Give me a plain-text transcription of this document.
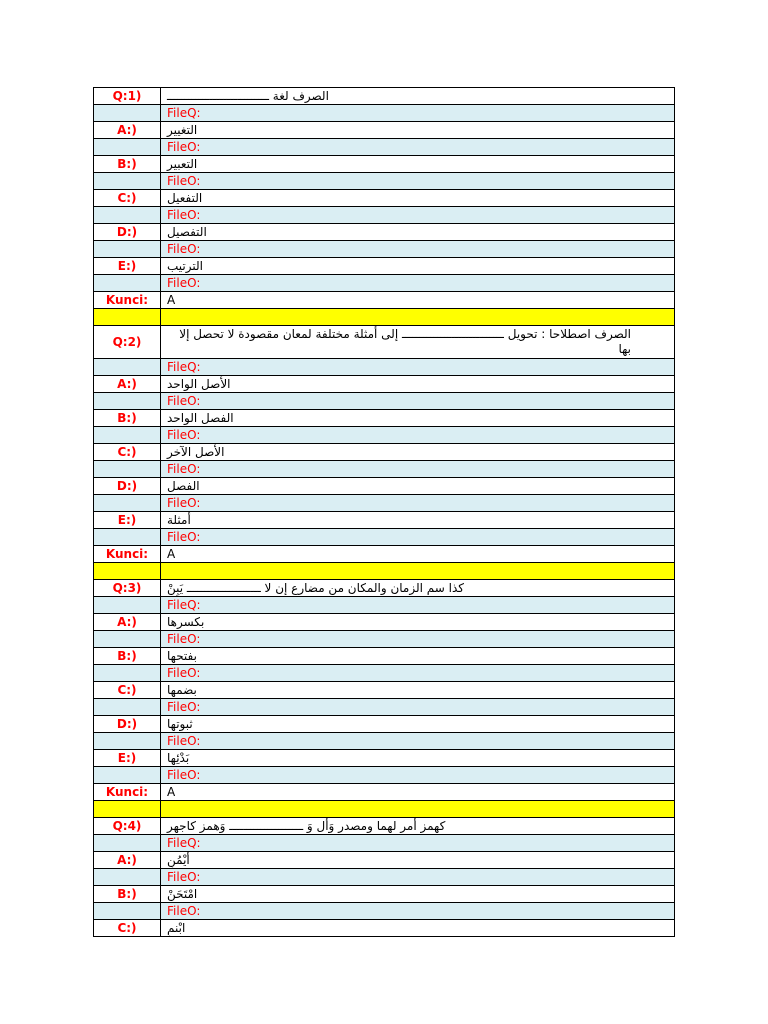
Q:1)	الصرف لغة ـــــــــــــــــــــــــــــ
	FileQ:
A:)	التغيير
	FileO:
B:)	التعبير
	FileO:
C:)	التفعيل
	FileO:
D:)	التفصيل
	FileO:
E:)	الترتيب
	FileO:
Kunci:	A

Q:2)	الصرف اصطلاحا : تحويل ـــــــــــــــــــــــــــــ إلى أمثلة مختلفة لمعان مقصودة لا تحصل إلا بها

	FileQ:
A:)	الأصل الواحد
	FileO:
B:)	الفصل الواحد
	FileO:
C:)	الأصل الآخر
	FileO:
D:)	الفصل
	FileO:
E:)	أمثلة
	FileO:
Kunci:	A

Q:3)	كذا سم الزمان والمكان من مضارع إن لا ـــــــــــــــــــــ يَبِنْ
	FileQ:
A:)	بكسرها
	FileO:
B:)	بفتحها
	FileO:
C:)	بضمها
	FileO:
D:)	ثبوتها
	FileO:
E:)	بَدْئِها
	FileO:
Kunci:	A

Q:4)	كهمز أمر لهما ومصدر وَأل وَ ـــــــــــــــــــــ وَهمز كاجهر
	FileQ:
A:)	أيْمُنٍ
	FileO:
B:)	امْتَحَنْ
	FileO:
C:)	ابْنمٍ
